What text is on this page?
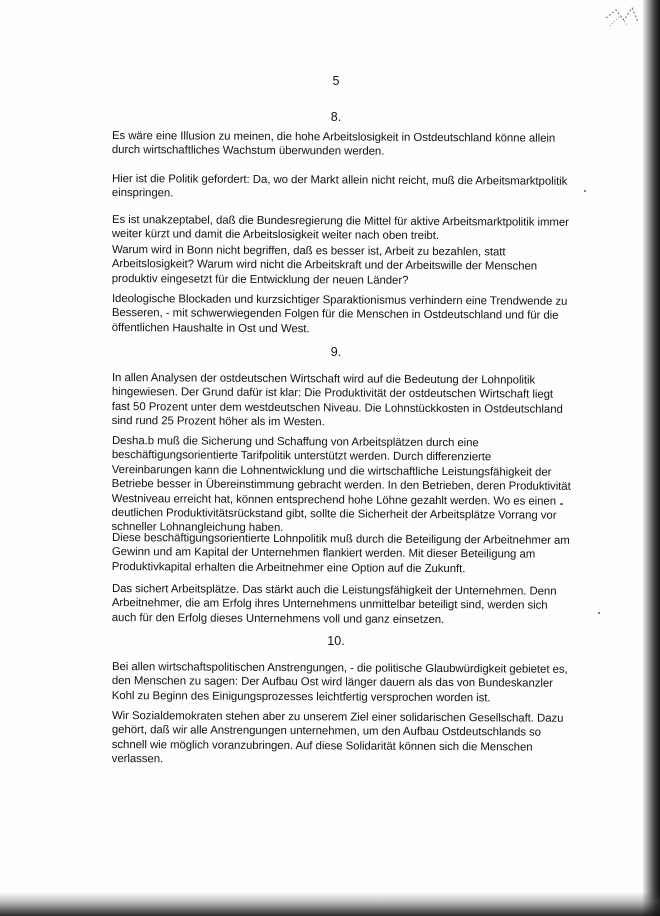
5
8.

Es wäre eine Illusion zu meinen, die hohe Arbeitslosigkeit in Ostdeutschland könne allein durch wirtschaftliches Wachstum überwunden werden.

Hier ist die Politik gefordert: Da, wo der Markt allein nicht reicht, muß die Arbeitsmarktpolitik einspringen.

Es ist unakzeptabel, daß die Bundesregierung die Mittel für aktive Arbeitsmarktpolitik immer weiter kürzt und damit die Arbeitslosigkeit weiter nach oben treibt.

Warum wird in Bonn nicht begriffen, daß es besser ist, Arbeit zu bezahlen, statt Arbeitslosigkeit? Warum wird nicht die Arbeitskraft und der Arbeitswille der Menschen produktiv eingesetzt für die Entwicklung der neuen Länder?

Ideologische Blockaden und kurzsichtiger Sparaktionismus verhindern eine Trendwende zu Besseren, - mit schwerwiegenden Folgen für die Menschen in Ostdeutschland und für die öffentlichen Haushalte in Ost und West.

9.

In allen Analysen der ostdeutschen Wirtschaft wird auf die Bedeutung der Lohnpolitik hingewiesen. Der Grund dafür ist klar: Die Produktivität der ostdeutschen Wirtschaft liegt fast 50 Prozent unter dem westdeutschen Niveau. Die Lohnstückkosten in Ostdeutschland sind rund 25 Prozent höher als im Westen.

Desha.b muß die Sicherung und Schaffung von Arbeitsplätzen durch eine beschäftigungsorientierte Tarifpolitik unterstützt werden. Durch differenzierte Vereinbarungen kann die Lohnentwicklung und die wirtschaftliche Leistungsfähigkeit der Betriebe besser in Übereinstimmung gebracht werden. In den Betrieben, deren Produktivität Westniveau erreicht hat, können entsprechend hohe Löhne gezahlt werden. Wo es einen deutlichen Produktivitätsrückstand gibt, sollte die Sicherheit der Arbeitsplätze Vorrang vor schneller Lohnangleichung haben.

Diese beschäftigungsorientierte Lohnpolitik muß durch die Beteiligung der Arbeitnehmer am Gewinn und am Kapital der Unternehmen flankiert werden. Mit dieser Beteiligung am Produktivkapital erhalten die Arbeitnehmer eine Option auf die Zukunft.

Das sichert Arbeitsplätze. Das stärkt auch die Leistungsfähigkeit der Unternehmen. Denn Arbeitnehmer, die am Erfolg ihres Unternehmens unmittelbar beteiligt sind, werden sich auch für den Erfolg dieses Unternehmens voll und ganz einsetzen.

10.

Bei allen wirtschaftspolitischen Anstrengungen, - die politische Glaubwürdigkeit gebietet es, den Menschen zu sagen: Der Aufbau Ost wird länger dauern als das von Bundeskanzler Kohl zu Beginn des Einigungsprozesses leichtfertig versprochen worden ist.

Wir Sozialdemokraten stehen aber zu unserem Ziel einer solidarischen Gesellschaft. Dazu gehört, daß wir alle Anstrengungen unternehmen, um den Aufbau Ostdeutschlands so schnell wie möglich voranzubringen. Auf diese Solidarität können sich die Menschen verlassen.
